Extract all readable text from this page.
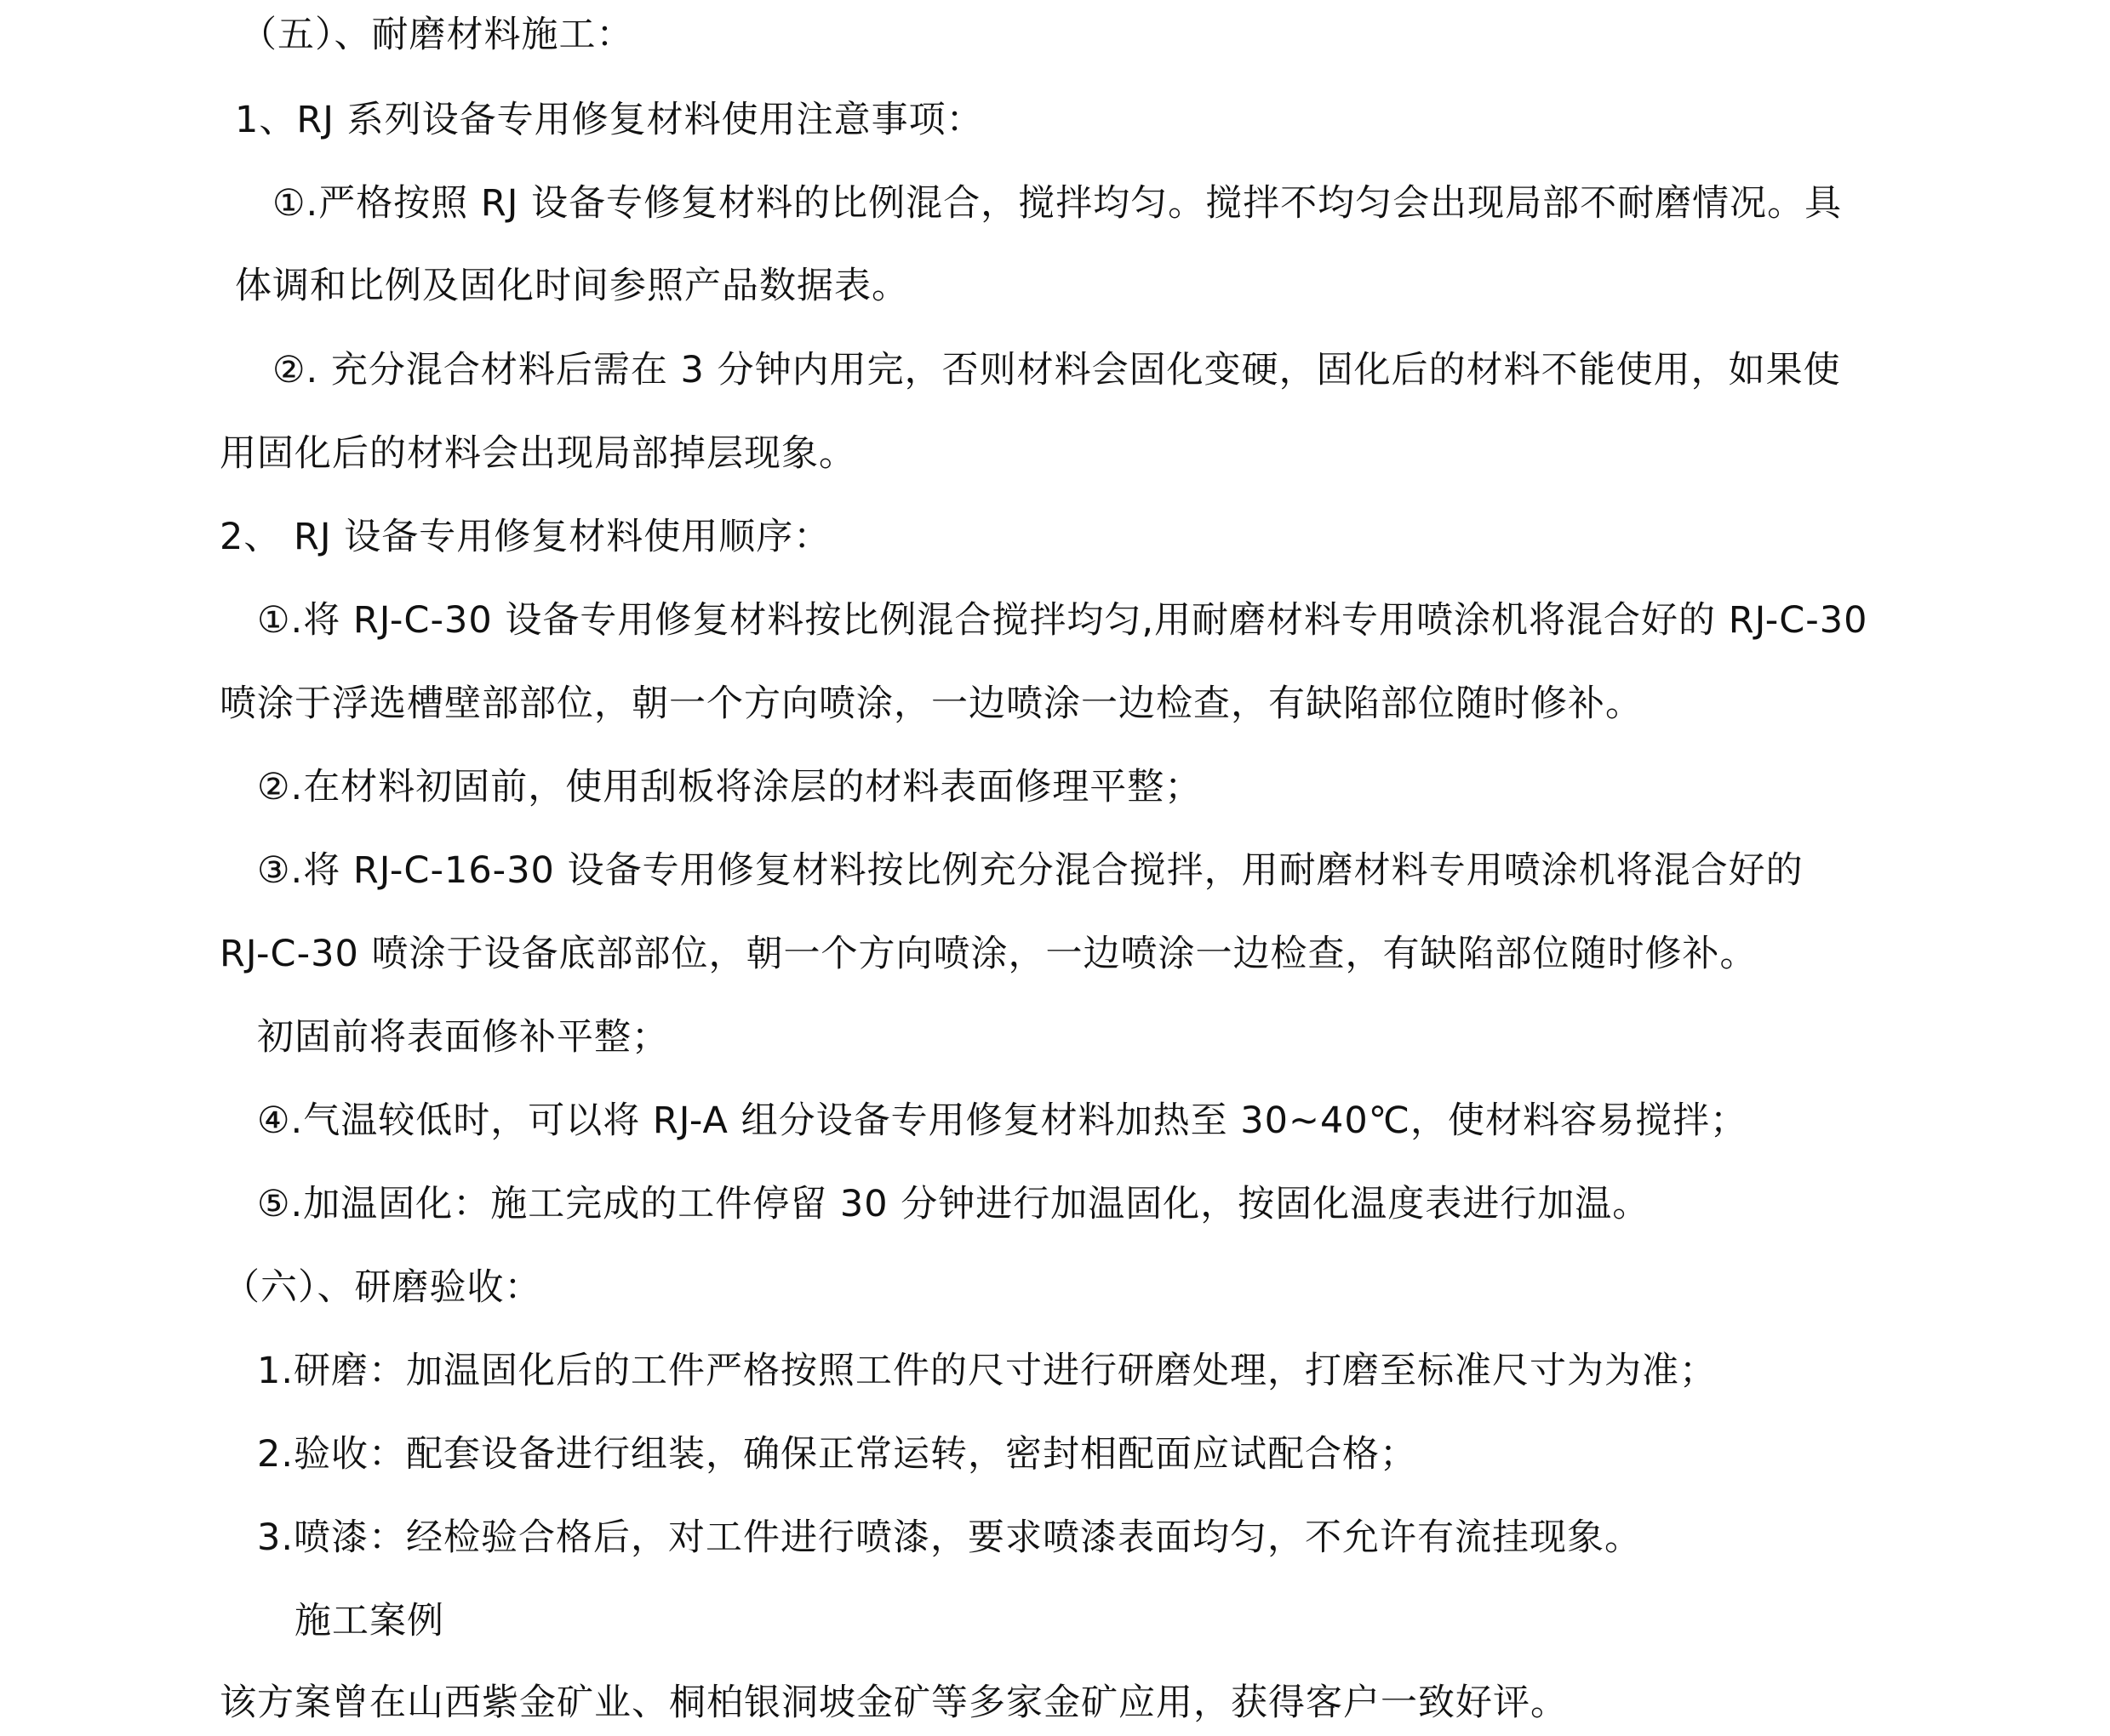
（五）、耐磨材料施工：
1、RJ 系列设备专用修复材料使用注意事项：
①.严格按照 RJ 设备专修复材料的比例混合，搅拌均匀。搅拌不均匀会出现局部不耐磨情况。具
体调和比例及固化时间参照产品数据表。
②. 充分混合材料后需在 3 分钟内用完，否则材料会固化变硬，固化后的材料不能使用，如果使
用固化后的材料会出现局部掉层现象。
2、 RJ 设备专用修复材料使用顺序：
①.将 RJ-C-30 设备专用修复材料按比例混合搅拌均匀,用耐磨材料专用喷涂机将混合好的 RJ-C-30
喷涂于浮选槽壁部部位，朝一个方向喷涂，一边喷涂一边检查，有缺陷部位随时修补。
②.在材料初固前，使用刮板将涂层的材料表面修理平整；
③.将 RJ-C-16-30 设备专用修复材料按比例充分混合搅拌，用耐磨材料专用喷涂机将混合好的
RJ-C-30 喷涂于设备底部部位，朝一个方向喷涂，一边喷涂一边检查，有缺陷部位随时修补。
初固前将表面修补平整；
④.气温较低时，可以将 RJ-A 组分设备专用修复材料加热至 30~40℃，使材料容易搅拌；
⑤.加温固化：施工完成的工件停留 30 分钟进行加温固化，按固化温度表进行加温。
（六）、研磨验收：
1.研磨：加温固化后的工件严格按照工件的尺寸进行研磨处理，打磨至标准尺寸为为准；
2.验收：配套设备进行组装，确保正常运转，密封相配面应试配合格；
3.喷漆：经检验合格后，对工件进行喷漆，要求喷漆表面均匀，不允许有流挂现象。
施工案例
该方案曾在山西紫金矿业、桐柏银洞坡金矿等多家金矿应用，获得客户一致好评。
